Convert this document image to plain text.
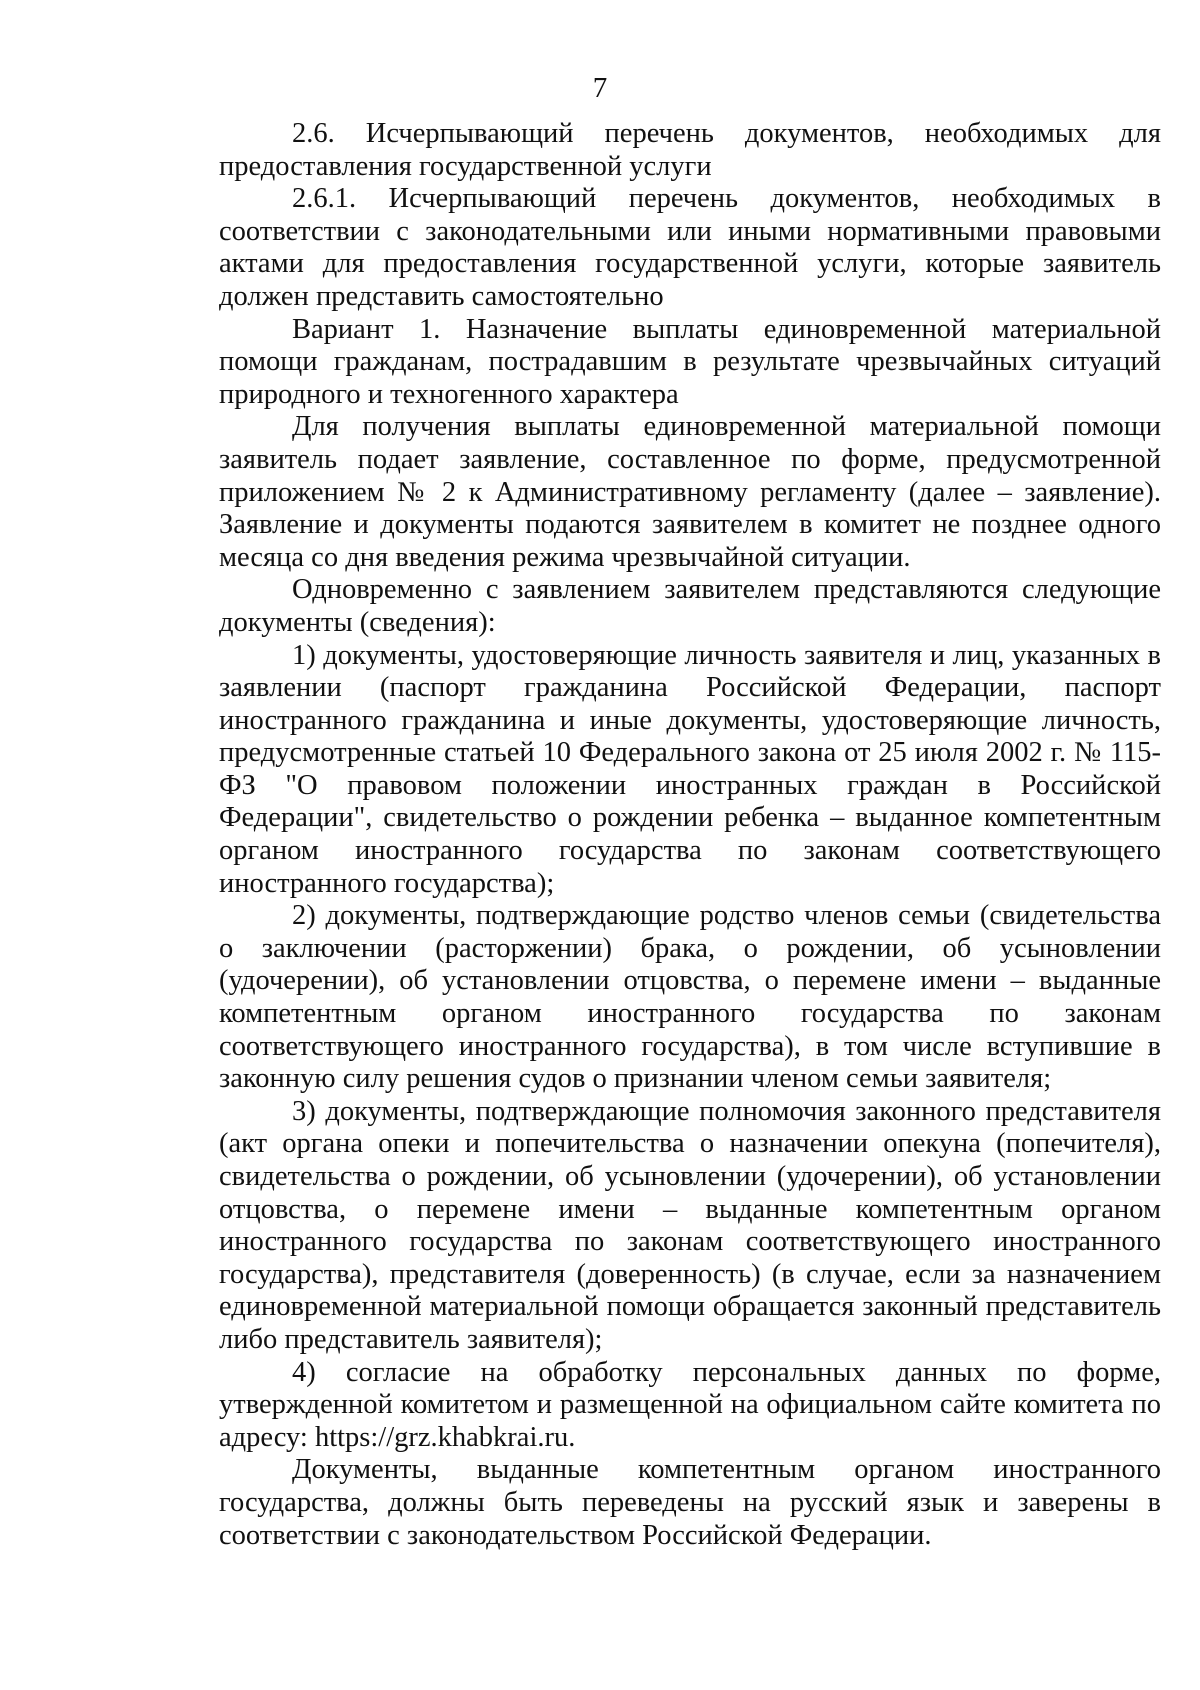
7

2.6. Исчерпывающий перечень документов, необходимых для предоставления государственной услуги

2.6.1. Исчерпывающий перечень документов, необходимых в соответствии с законодательными или иными нормативными правовыми актами для предоставления государственной услуги, которые заявитель должен представить самостоятельно

Вариант 1. Назначение выплаты единовременной материальной помощи гражданам, пострадавшим в результате чрезвычайных ситуаций природного и техногенного характера

Для получения выплаты единовременной материальной помощи заявитель подает заявление, составленное по форме, предусмотренной приложением № 2 к Административному регламенту (далее – заявление). Заявление и документы подаются заявителем в комитет не позднее одного месяца со дня введения режима чрезвычайной ситуации.

Одновременно с заявлением заявителем представляются следующие документы (сведения):

1) документы, удостоверяющие личность заявителя и лиц, указанных в заявлении (паспорт гражданина Российской Федерации, паспорт иностранного гражданина и иные документы, удостоверяющие личность, предусмотренные статьей 10 Федерального закона от 25 июля 2002 г. № 115-ФЗ "О правовом положении иностранных граждан в Российской Федерации", свидетельство о рождении ребенка – выданное компетентным органом иностранного государства по законам соответствующего иностранного государства);

2) документы, подтверждающие родство членов семьи (свидетельства о заключении (расторжении) брака, о рождении, об усыновлении (удочерении), об установлении отцовства, о перемене имени – выданные компетентным органом иностранного государства по законам соответствующего иностранного государства), в том числе вступившие в законную силу решения судов о признании членом семьи заявителя;

3) документы, подтверждающие полномочия законного представителя (акт органа опеки и попечительства о назначении опекуна (попечителя), свидетельства о рождении, об усыновлении (удочерении), об установлении отцовства, о перемене имени – выданные компетентным органом иностранного государства по законам соответствующего иностранного государства), представителя (доверенность) (в случае, если за назначением единовременной материальной помощи обращается законный представитель либо представитель заявителя);

4) согласие на обработку персональных данных по форме, утвержденной комитетом и размещенной на официальном сайте комитета по адресу: https://grz.khabkrai.ru.

Документы, выданные компетентным органом иностранного государства, должны быть переведены на русский язык и заверены в соответствии с законодательством Российской Федерации.
